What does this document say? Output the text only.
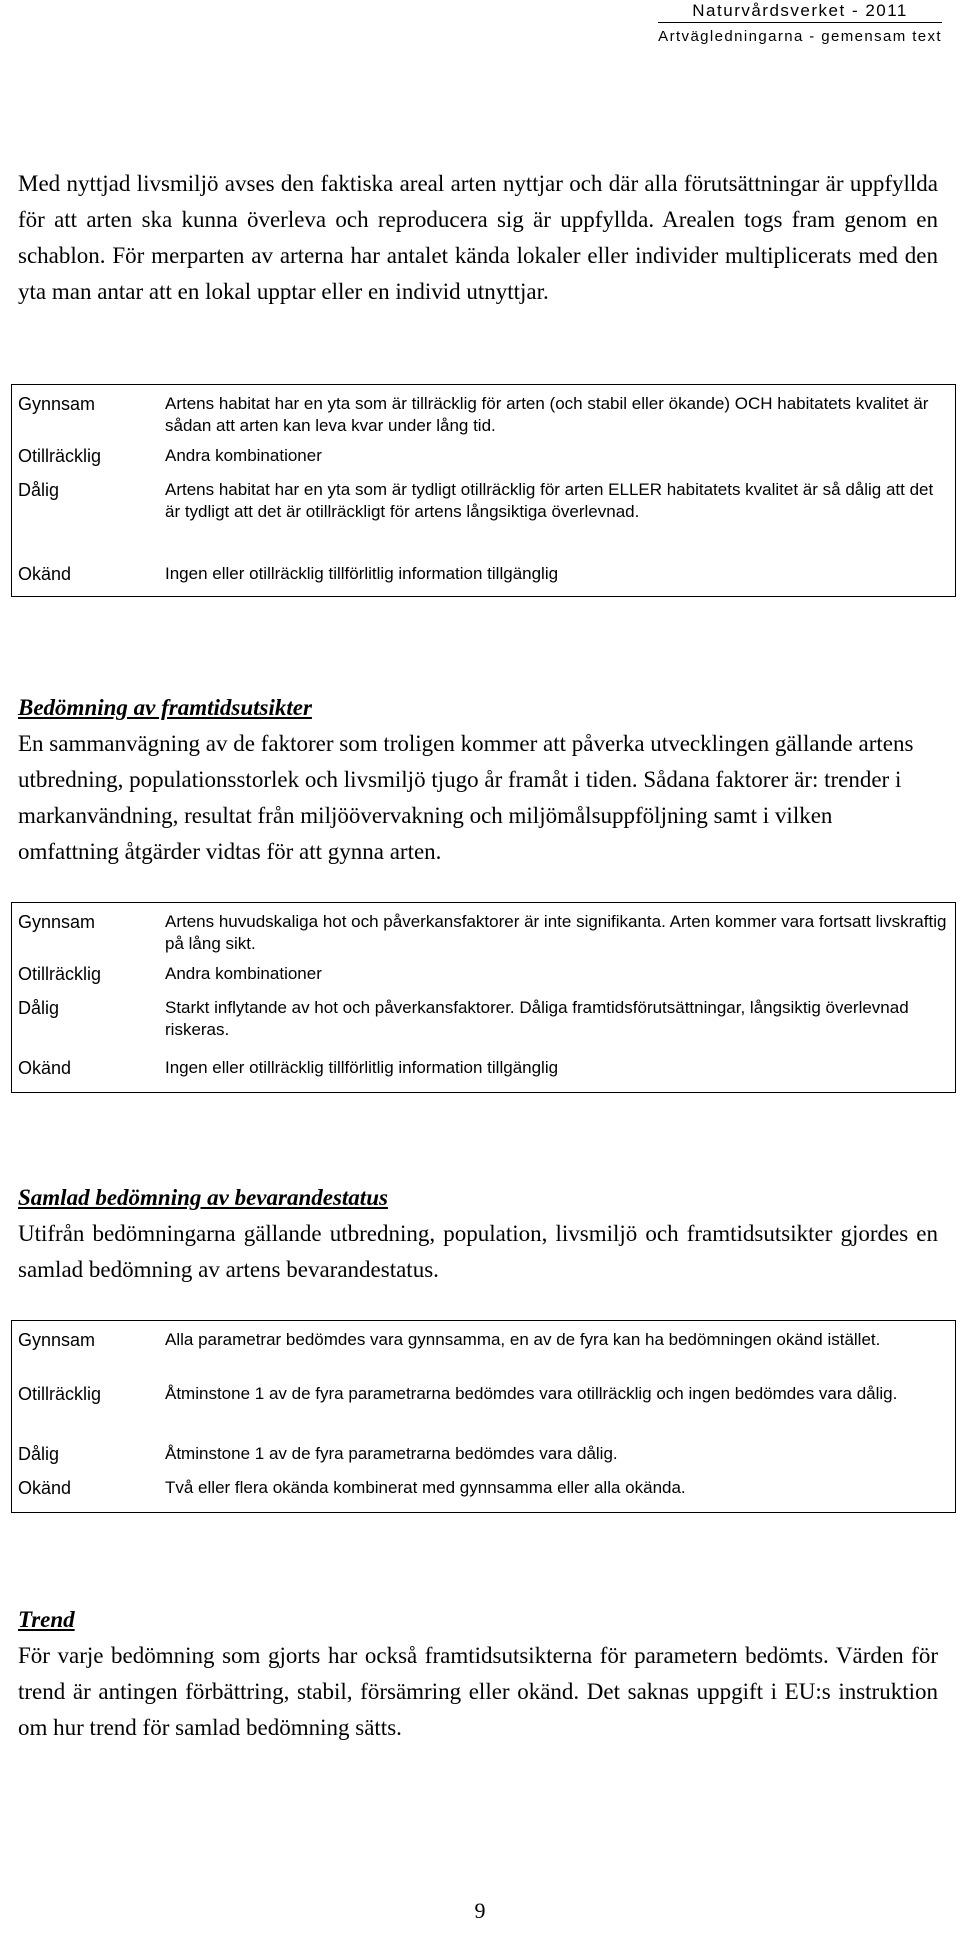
Naturvårdsverket - 2011
Artvägledningarna - gemensam text

Med nyttjad livsmiljö avses den faktiska areal arten nyttjar och där alla förutsättningar är uppfyllda för att arten ska kunna överleva och reproducera sig är uppfyllda. Arealen togs fram genom en schablon. För merparten av arterna har antalet kända lokaler eller individer multiplicerats med den yta man antar att en lokal upptar eller en individ utnyttjar.

Gynnsam	Artens habitat har en yta som är tillräcklig för arten (och stabil eller ökande) OCH habitatets kvalitet är sådan att arten kan leva kvar under lång tid.
Otillräcklig	Andra kombinationer
Dålig	Artens habitat har en yta som är tydligt otillräcklig för arten ELLER habitatets kvalitet är så dålig att det är tydligt att det är otillräckligt för artens långsiktiga överlevnad.
Okänd	Ingen eller otillräcklig tillförlitlig information tillgänglig
Bedömning av framtidsutsikter

En sammanvägning av de faktorer som troligen kommer att påverka utvecklingen gällande artens utbredning, populationsstorlek och livsmiljö tjugo år framåt i tiden. Sådana faktorer är: trender i markanvändning, resultat från miljöövervakning och miljömålsuppföljning samt i vilken omfattning åtgärder vidtas för att gynna arten.

Gynnsam	Artens huvudskaliga hot och påverkansfaktorer är inte signifikanta. Arten kommer vara fortsatt livskraftig på lång sikt.
Otillräcklig	Andra kombinationer
Dålig	Starkt inflytande av hot och påverkansfaktorer. Dåliga framtidsförutsättningar, långsiktig överlevnad riskeras.
Okänd	Ingen eller otillräcklig tillförlitlig information tillgänglig
Samlad bedömning av bevarandestatus

Utifrån bedömningarna gällande utbredning, population, livsmiljö och framtidsutsikter gjordes en samlad bedömning av artens bevarandestatus.

Gynnsam	Alla parametrar bedömdes vara gynnsamma, en av de fyra kan ha bedömningen okänd istället.
Otillräcklig	Åtminstone 1 av de fyra parametrarna bedömdes vara otillräcklig och ingen bedömdes vara dålig.
Dålig	Åtminstone 1 av de fyra parametrarna bedömdes vara dålig.
Okänd	Två eller flera okända kombinerat med gynnsamma eller alla okända.
Trend

För varje bedömning som gjorts har också framtidsutsikterna för parametern bedömts. Värden för trend är antingen förbättring, stabil, försämring eller okänd. Det saknas uppgift i EU:s instruktion om hur trend för samlad bedömning sätts.

9
